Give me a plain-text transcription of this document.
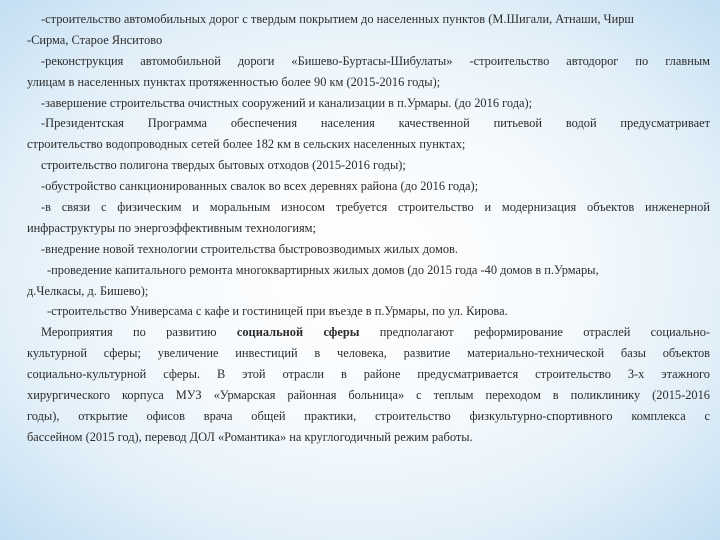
-строительство автомобильных дорог с твердым покрытием до населенных пунктов (М.Шигали, Атнаши, Чирш
-Сирма, Старое Янситово
-реконструкция автомобильной дороги «Бишево-Буртасы-Шибулаты» -строительство автодорог по главным
улицам в населенных пунктах протяженностью более 90 км (2015-2016 годы);
-завершение строительства очистных сооружений и канализации в п.Урмары. (до 2016 года);
-Президентская Программа обеспечения населения качественной питьевой водой предусматривает
строительство водопроводных сетей более 182 км в сельских населенных пунктах;
строительство полигона твердых бытовых отходов (2015-2016 годы);
-обустройство санкционированных свалок во всех деревнях района (до 2016 года);
-в связи с физическим и моральным износом требуется строительство и модернизация объектов инженерной
инфраструктуры по энергоэффективным технологиям;
-внедрение новой технологии строительства быстровозводимых жилых домов.
-проведение капитального ремонта многоквартирных жилых домов (до 2015 года -40 домов в п.Урмары,
д.Челкасы, д. Бишево);
-строительство Универсама с кафе и гостиницей при въезде в п.Урмары, по ул. Кирова.
Мероприятия по развитию социальной сферы предполагают реформирование отраслей социально-
культурной сферы; увеличение инвестиций в человека, развитие материально-технической базы объектов
социально-культурной сферы. В этой отрасли в районе предусматривается строительство 3-х этажного
хирургического корпуса МУЗ «Урмарская районная больница» с теплым переходом в поликлинику (2015-2016
годы), открытие офисов врача общей практики, строительство физкультурно-спортивного комплекса с
бассейном (2015 год), перевод ДОЛ «Романтика» на круглогодичный режим работы.
